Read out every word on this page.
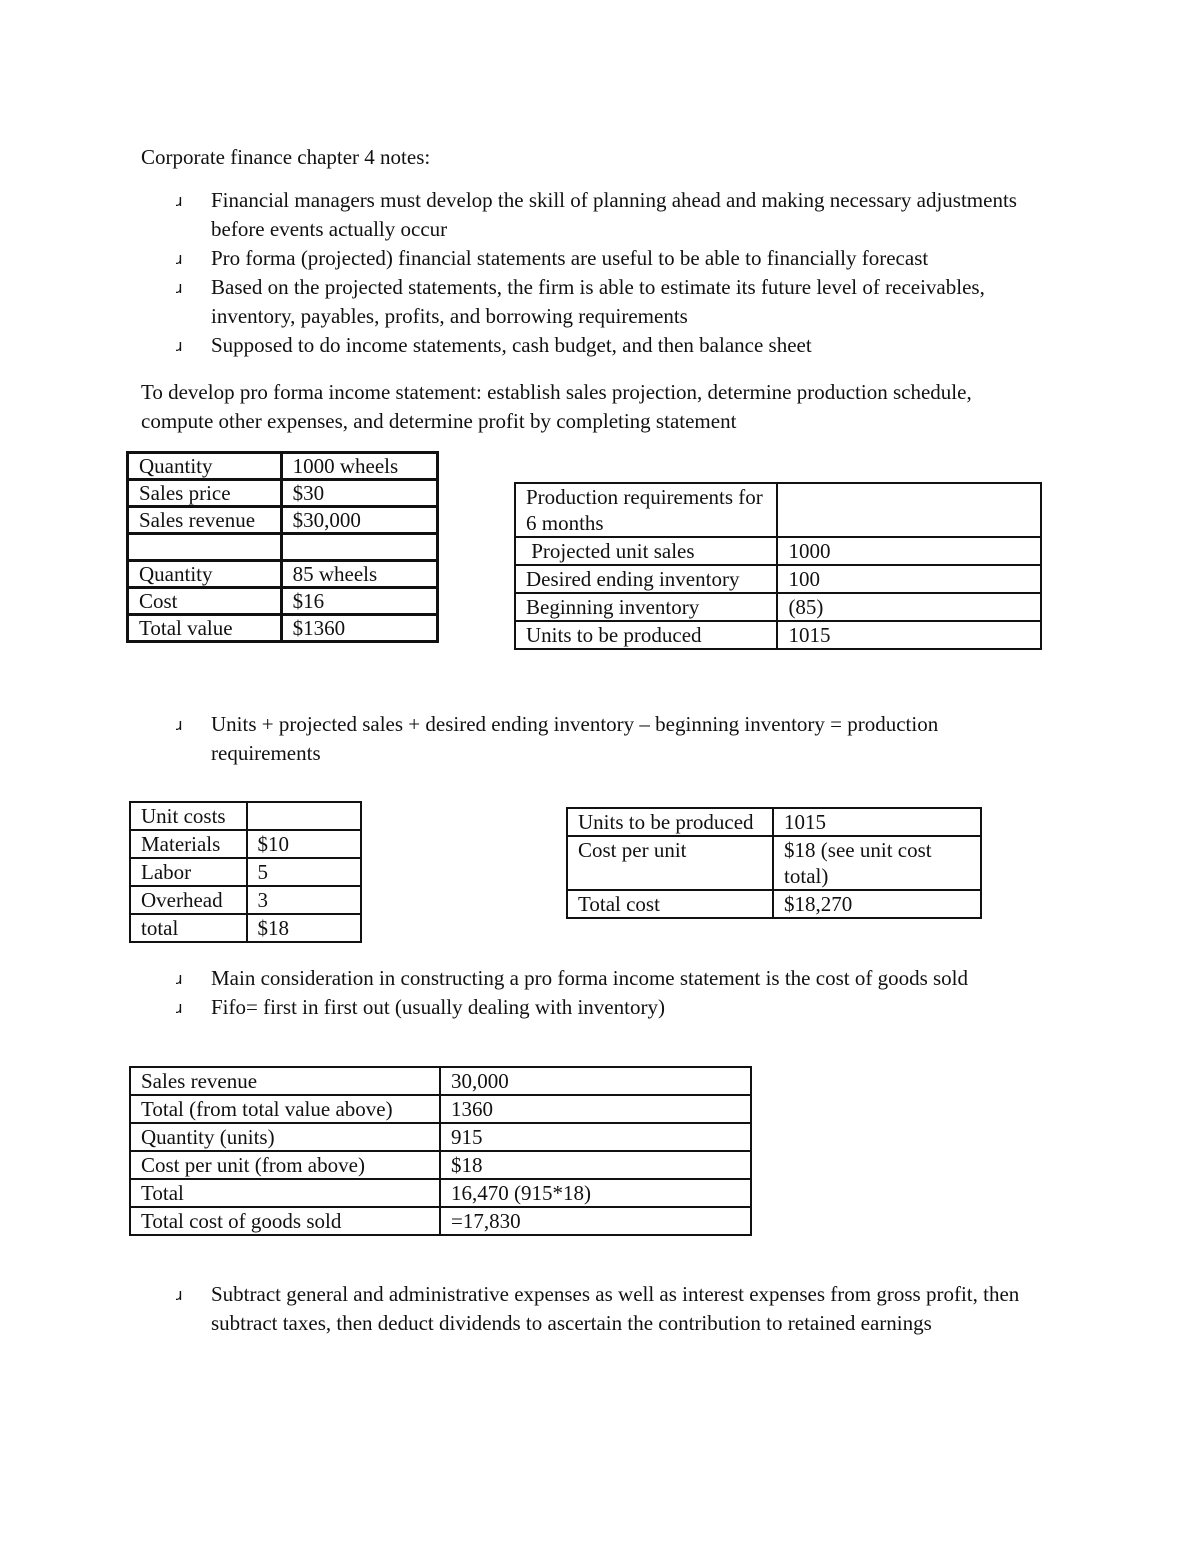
Corporate finance chapter 4 notes:

ɹ Financial managers must develop the skill of planning ahead and making necessary adjustments before events actually occur
ɹ Pro forma (projected) financial statements are useful to be able to financially forecast
ɹ Based on the projected statements, the firm is able to estimate its future level of receivables, inventory, payables, profits, and borrowing requirements
ɹ Supposed to do income statements, cash budget, and then balance sheet

To develop pro forma income statement: establish sales projection, determine production schedule, compute other expenses, and determine profit by completing statement

Quantity	1000 wheels
Sales price	$30
Sales revenue	$30,000

Quantity	85 wheels
Cost	$16
Total value	$1360
Production requirements for 6 months	
Projected unit sales	1000
Desired ending inventory	100
Beginning inventory	(85)
Units to be produced	1015
ɹ Units + projected sales + desired ending inventory – beginning inventory = production requirements
Unit costs	
Materials	$10
Labor	5
Overhead	3
total	$18
Units to be produced	1015
Cost per unit	$18 (see unit cost total)
Total cost	$18,270
ɹ Main consideration in constructing a pro forma income statement is the cost of goods sold
ɹ Fifo= first in first out (usually dealing with inventory)
Sales revenue	30,000
Total (from total value above)	1360
Quantity (units)	915
Cost per unit (from above)	$18
Total	16,470 (915*18)
Total cost of goods sold	=17,830
ɹ Subtract general and administrative expenses as well as interest expenses from gross profit, then subtract taxes, then deduct dividends to ascertain the contribution to retained earnings
